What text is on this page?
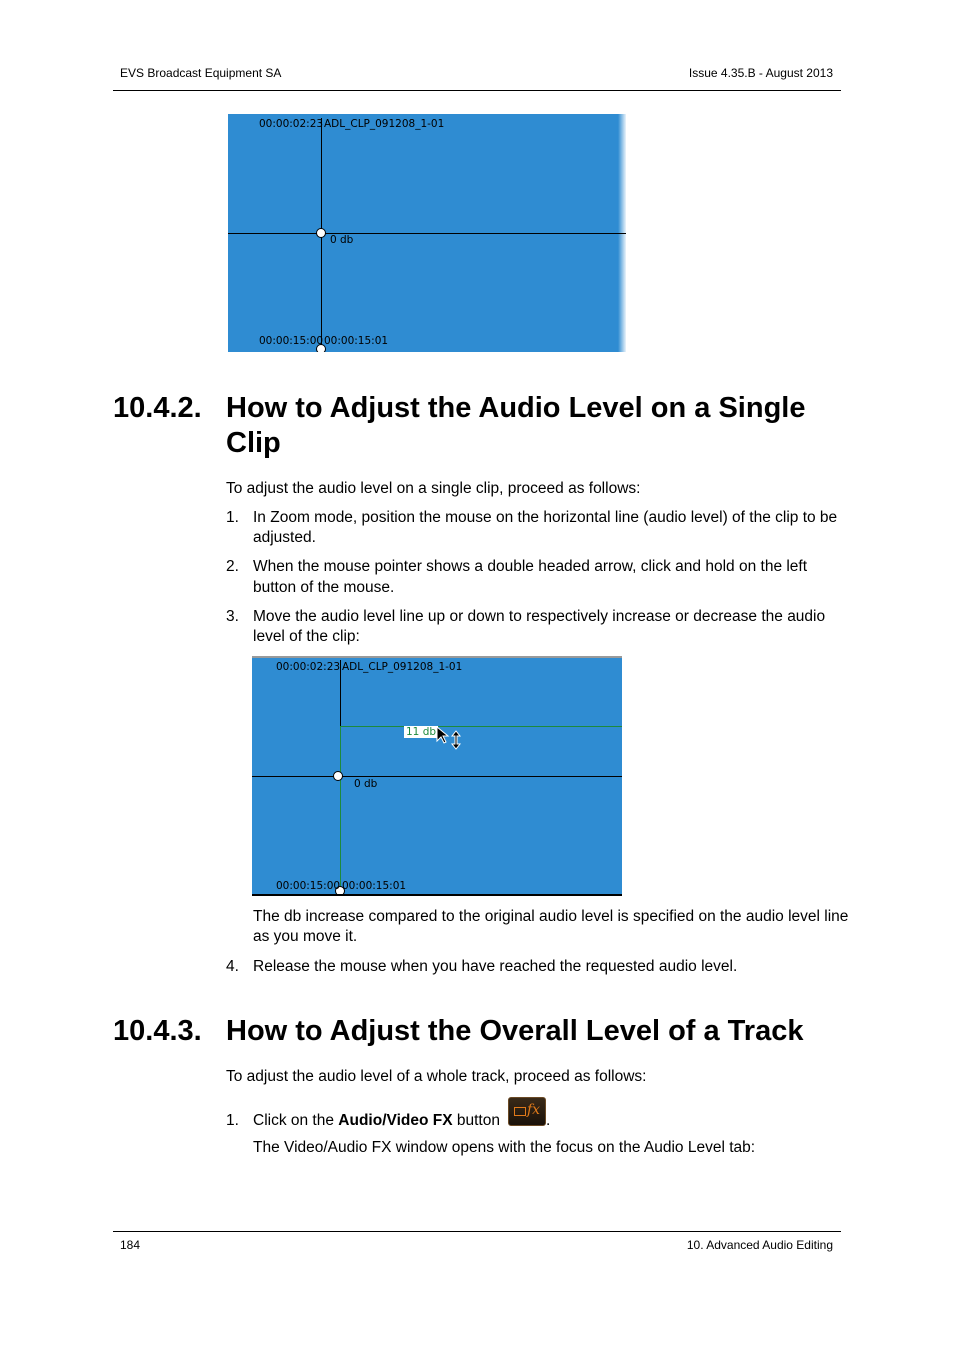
EVS Broadcast Equipment SA	Issue 4.35.B - August 2013
00:00:02:23 ADL_CLP_091208_1-01
0 db
00:00:15:00 00:00:15:01
10.4.2. How to Adjust the Audio Level on a Single
Clip
To adjust the audio level on a single clip, proceed as follows:
1. In Zoom mode, position the mouse on the horizontal line (audio level) of the clip to be
adjusted.
2. When the mouse pointer shows a double headed arrow, click and hold on the left
button of the mouse.
3. Move the audio level line up or down to respectively increase or decrease the audio
level of the clip:
00:00:02:23 ADL_CLP_091208_1-01
11 db
0 db
00:00:15:00 00:00:15:01
The db increase compared to the original audio level is specified on the audio level line
as you move it.
4. Release the mouse when you have reached the requested audio level.
10.4.3. How to Adjust the Overall Level of a Track
To adjust the audio level of a whole track, proceed as follows:
1. Click on the Audio/Video FX button
fx
.
The Video/Audio FX window opens with the focus on the Audio Level tab:
184	10. Advanced Audio Editing
